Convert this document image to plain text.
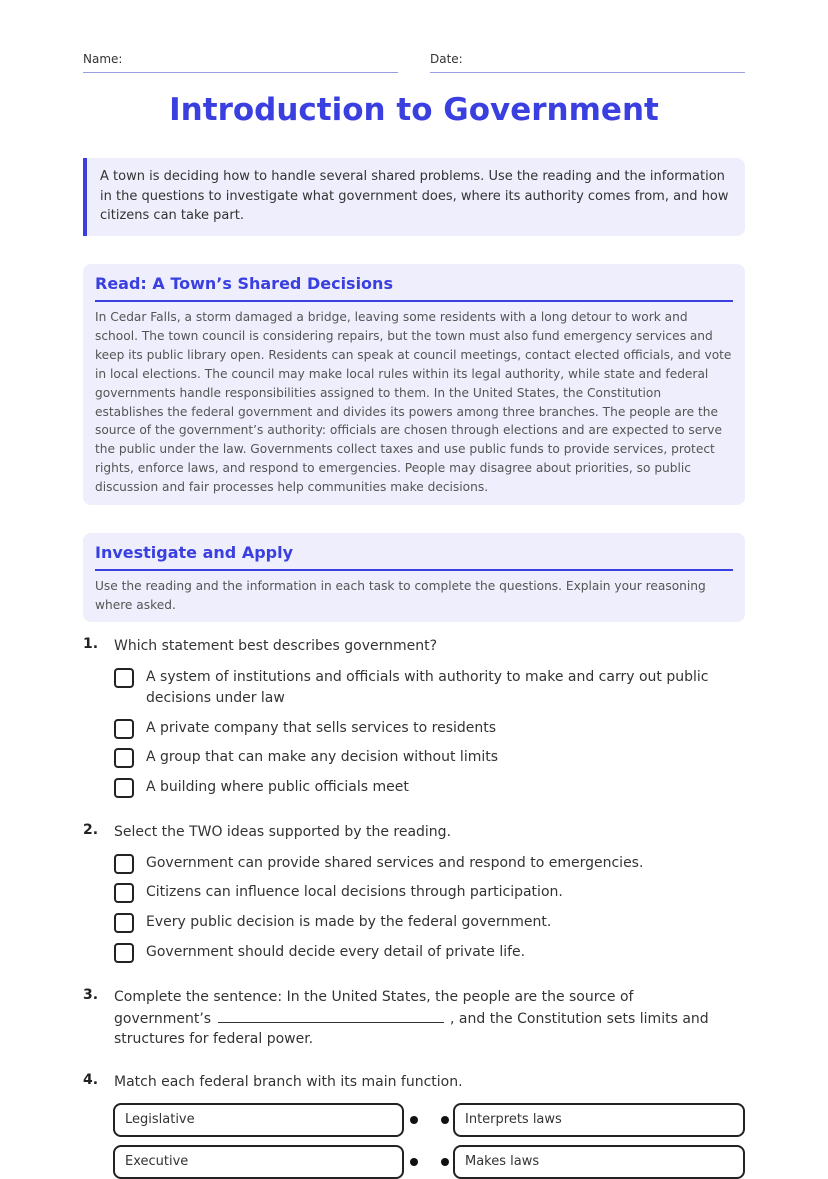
Name:	Date:
Introduction to Government
A town is deciding how to handle several shared problems. Use the reading and the information in the questions to investigate what government does, where its authority comes from, and how citizens can take part.
Read: A Town’s Shared Decisions

In Cedar Falls, a storm damaged a bridge, leaving some residents with a long detour to work and school. The town council is considering repairs, but the town must also fund emergency services and keep its public library open. Residents can speak at council meetings, contact elected officials, and vote in local elections. The council may make local rules within its legal authority, while state and federal governments handle responsibilities assigned to them. In the United States, the Constitution establishes the federal government and divides its powers among three branches. The people are the source of the government’s authority: officials are chosen through elections and are expected to serve the public under the law. Governments collect taxes and use public funds to provide services, protect rights, enforce laws, and respond to emergencies. People may disagree about priorities, so public discussion and fair processes help communities make decisions.

Investigate and Apply

Use the reading and the information in each task to complete the questions. Explain your reasoning where asked.

1. Which statement best describes government?
A system of institutions and officials with authority to make and carry out public decisions under law
A private company that sells services to residents
A group that can make any decision without limits
A building where public officials meet
2. Select the TWO ideas supported by the reading.
Government can provide shared services and respond to emergencies.
Citizens can influence local decisions through participation.
Every public decision is made by the federal government.
Government should decide every detail of private life.
3. Complete the sentence: In the United States, the people are the source of government’s	, and the Constitution sets limits and structures for federal power.
4. Match each federal branch with its main function.
Legislative	Interprets laws
Executive	Makes laws
